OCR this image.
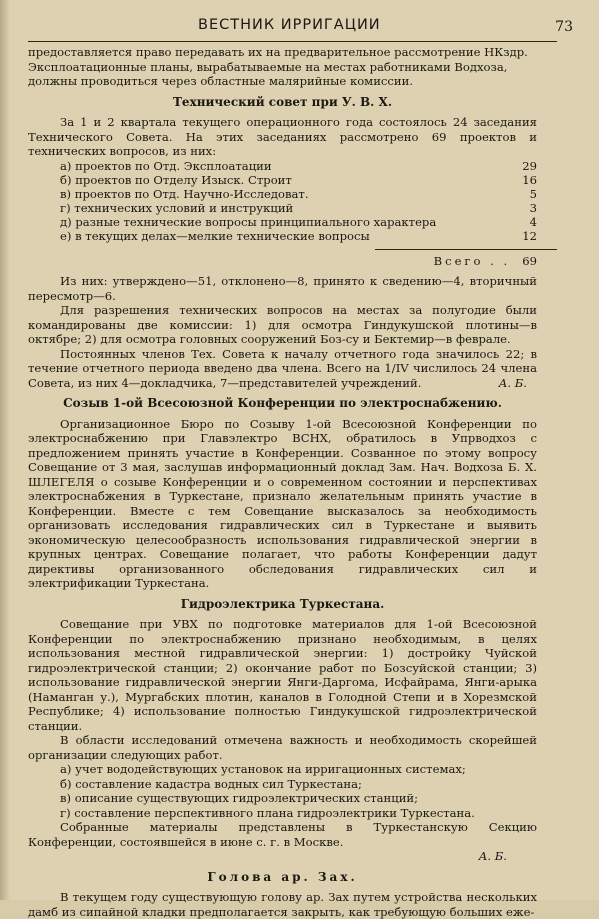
ВЕСТНИК ИРРИГАЦИИ	73

предоставляется право передавать их на предварительное рассмотрение НКздр.

Эксплоатационные планы, вырабатываемые на местах работниками Водхоза,

должны проводиться через областные малярийные комиссии.

Технический совет при У. В. Х.

За 1 и 2 квартала текущего операционного года состоялось 24 заседания Технического Совета. На этих заседаниях рассмотрено 69 проектов и технических вопросов, из них:

а) проектов по Отд. Эксплоатации	29
б) проектов по Отделу Изыск. Строит	16
в) проектов по Отд. Научно-Исследоват.	5
г) технических условий и инструкций	3
д) разные технические вопросы принципиального характера	4
е) в текущих делах—мелкие технические вопросы	12
Всего . . 69

Из них: утверждено—51, отклонено—8, принято к сведению—4, вторичный пересмотр—6.

Для разрешения технических вопросов на местах за полугодие были командированы две комиссии: 1) для осмотра Гиндукушской плотины—в октябре; 2) для осмотра головных сооружений Боз-су и Бектемир—в феврале.

Постоянных членов Тех. Совета к началу отчетного года значилось 22; в течение отчетного периода введено два члена. Всего на 1/IV числилось 24 члена Совета, из них 4—докладчика, 7—представителей учреждений.	А. Б.

Созыв 1-ой Всесоюзной Конференции по электроснабжению.

Организационное Бюро по Созыву 1-ой Всесоюзной Конференции по электроснабжению при Главэлектро ВСНХ, обратилось в Упрводхоз с предложением принять участие в Конференции. Созванное по этому вопросу Совещание от 3 мая, заслушав информационный доклад Зам. Нач. Водхоза Б. Х. ШЛЕГЕЛЯ о созыве Конференции и о современном состоянии и перспективах электроснабжения в Туркестане, признало желательным принять участие в Конференции. Вместе с тем Совещание высказалось за необходимость организовать исследования гидравлических сил в Туркестане и выявить экономическую целесообразность использования гидравлической энергии в крупных центрах. Совещание полагает, что работы Конференции дадут директивы организованного обследования гидравлических сил и электрификации Туркестана.

Гидроэлектрика Туркестана.

Совещание при УВХ по подготовке материалов для 1-ой Всесоюзной Конференции по электроснабжению признано необходимым, в целях использования местной гидравлической энергии: 1) достройку Чуйской гидроэлектрической станции; 2) окончание работ по Бозсуйской станции; 3) использование гидравлической энергии Янги-Даргома, Исфайрама, Янги-арыка (Наманган у.), Мургабских плотин, каналов в Голодной Степи и в Хорезмской Республике; 4) использование полностью Гиндукушской гидроэлектрической станции.

В области исследований отмечена важность и необходимость скорейшей организации следующих работ.

а) учет вододействующих установок на ирригационных системах;

б) составление кадастра водных сил Туркестана;

в) описание существующих гидроэлектрических станций;

г) составление перспективного плана гидроэлектрики Туркестана.

Собранные материалы представлены в Туркестанскую Секцию Конференции, состоявшейся в июне с. г. в Москве.

А. Б.

Голова ар. Зах.

В текущем году существующую голову ар. Зах путем устройства нескольких дамб из сипайной кладки предполагается закрыть, как требующую больших еже-
